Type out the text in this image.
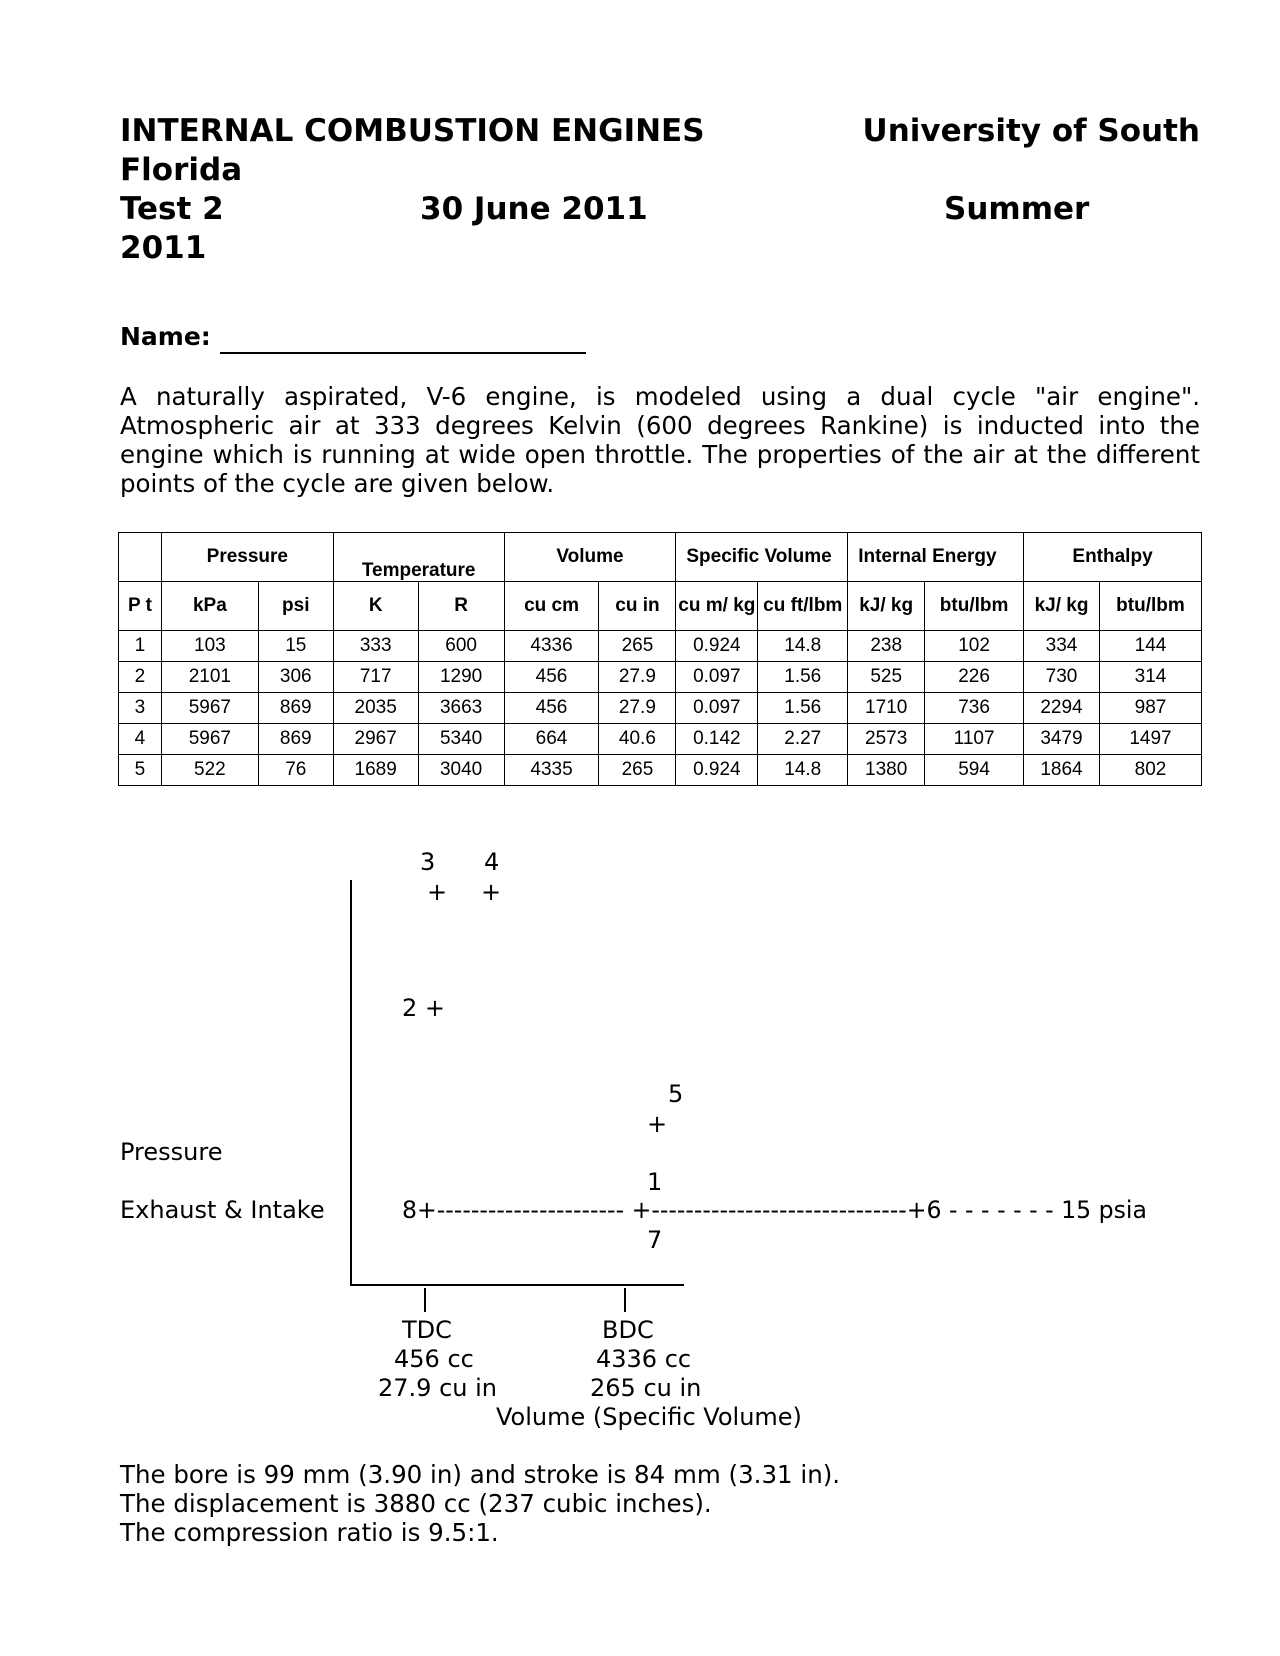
INTERNAL COMBUSTION ENGINES	University of South
Florida
Test 2	30 June 2011	Summer
2011
Name:
A naturally aspirated, V-6 engine, is modeled using a dual cycle "air engine". Atmospheric air at 333 degrees Kelvin (600 degrees Rankine) is inducted into the engine which is running at wide open throttle. The properties of the air at the different points of the cycle are given below.
	Pressure		Temperature		Volume		Specific Volume		Internal Energy		Enthalpy	
P t	kPa	psi	K	R	cu cm	cu in	cu m/ kg	cu ft/lbm	kJ/ kg	btu/lbm	kJ/ kg	btu/lbm
1	103	15	333	600	4336	265	0.924	14.8	238	102	334	144
2	2101	306	717	1290	456	27.9	0.097	1.56	525	226	730	314
3	5967	869	2035	3663	456	27.9	0.097	1.56	1710	736	2294	987
4	5967	869	2967	5340	664	40.6	0.142	2.27	2573	1107	3479	1497
5	522	76	1689	3040	4335	265	0.924	14.8	1380	594	1864	802
3 4
+ +
2 +
5
+
Pressure
1
Exhaust & Intake	8+---------------------- +------------------------------+6 - - - - - - - 15 psia
7
TDC
456 cc
27.9 cu in
BDC
4336 cc
265 cu in
Volume (Specific Volume)
The bore is 99 mm (3.90 in) and stroke is 84 mm (3.31 in).
The displacement is 3880 cc (237 cubic inches).
The compression ratio is 9.5:1.
